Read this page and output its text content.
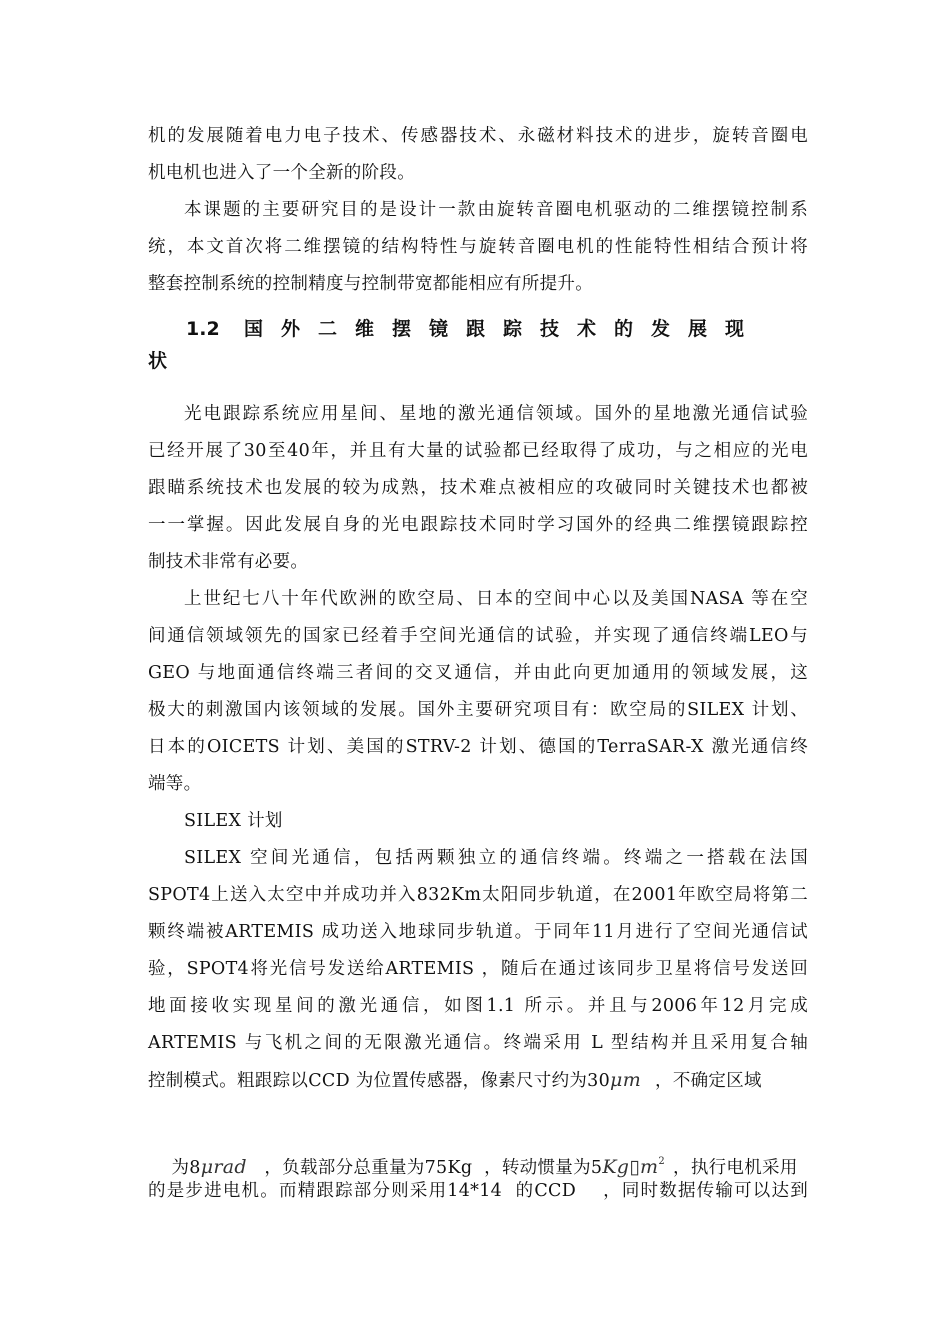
机的发展随着电力电子技术、传感器技术、永磁材料技术的进步，旋转音圈电
机电机也进入了一个全新的阶段。
本课题的主要研究目的是设计一款由旋转音圈电机驱动的二维摆镜控制系
统，本文首次将二维摆镜的结构特性与旋转音圈电机的性能特性相结合预计将
整套控制系统的控制精度与控制带宽都能相应有所提升。
1.2 国外二维摆镜跟踪技术的发展现
状
光电跟踪系统应用星间、星地的激光通信领域。国外的星地激光通信试验
已经开展了30至40年，并且有大量的试验都已经取得了成功，与之相应的光电
跟瞄系统技术也发展的较为成熟，技术难点被相应的攻破同时关键技术也都被
一一掌握。因此发展自身的光电跟踪技术同时学习国外的经典二维摆镜跟踪控
制技术非常有必要。
上世纪七八十年代欧洲的欧空局、日本的空间中心以及美国NASA 等在空
间通信领域领先的国家已经着手空间光通信的试验，并实现了通信终端LEO与
GEO 与地面通信终端三者间的交叉通信，并由此向更加通用的领域发展，这
极大的刺激国内该领域的发展。国外主要研究项目有：欧空局的SILEX 计划、
日本的OICETS 计划、美国的STRV-2 计划、德国的TerraSAR-X 激光通信终
端等。
SILEX 计划
SILEX 空间光通信，包括两颗独立的通信终端。终端之一搭载在法国
SPOT4上送入太空中并成功并入832Km太阳同步轨道，在2001年欧空局将第二
颗终端被ARTEMIS 成功送入地球同步轨道。于同年11月进行了空间光通信试
验，SPOT4将光信号发送给ARTEMIS ，随后在通过该同步卫星将信号发送回
地面接收实现星间的激光通信，如图1.1 所示。并且与2006年12月完成
ARTEMIS 与飞机之间的无限激光通信。终端采用 L 型结构并且采用复合轴
控制模式。粗跟踪以CCD 为位置传感器，像素尺寸约为30μm ，不确定区域

为8μrad   ，负载部分总重量为75Kg  ，转动惯量为$5Kg▯m^2$ ，执行电机采用

的是步进电机。而精跟踪部分则采用14*14  的CCD    ，同时数据传输可以达到
